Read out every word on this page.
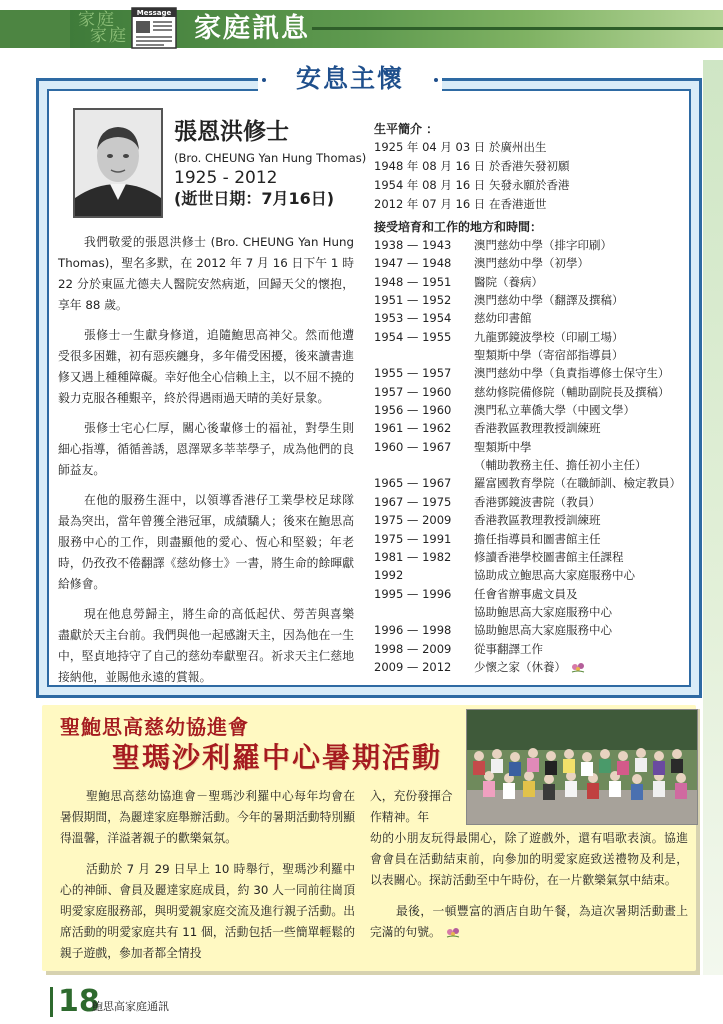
家庭
家庭
Message 家庭訊息
安息主懷
張恩洪修士
(Bro. CHEUNG Yan Hung Thomas)
1925 - 2012
(逝世日期：7月16日)

我們敬愛的張恩洪修士 (Bro. CHEUNG Yan Hung Thomas)，聖名多默，在 2012 年 7 月 16 日下午 1 時 22 分於東區尤德夫人醫院安然病逝，回歸天父的懷抱，享年 88 歲。

張修士一生獻身修道，追隨鮑思高神父。然而他遭受很多困難，初有惡疾纏身，多年備受困擾，後來讀書進修又遇上種種障礙。幸好他全心信賴上主，以不屈不撓的毅力克服各種艱辛，終於得遇雨過天晴的美好景象。

張修士宅心仁厚，關心後輩修士的福祉，對學生則細心指導，循循善誘，恩澤眾多莘莘學子，成為他們的良師益友。

在他的服務生涯中，以領導香港仔工業學校足球隊最為突出，當年曾獲全港冠軍，成績驕人；後來在鮑思高服務中心的工作，則盡顯他的愛心、恆心和堅毅；年老時，仍孜孜不倦翻譯《慈幼修士》一書，將生命的餘暉獻給修會。

現在他息勞歸主，將生命的高低起伏、勞苦與喜樂盡獻於天主台前。我們與他一起感謝天主，因為他在一生中，堅貞地持守了自己的慈幼奉獻聖召。祈求天主仁慈地接納他，並賜他永遠的賞報。

生平簡介 ：
1925 年 04 月 03 日 於廣州出生
1948 年 08 月 16 日 於香港矢發初願
1954 年 08 月 16 日 矢發永願於香港
2012 年 07 月 16 日 在香港逝世
接受培育和工作的地方和時間：
1938 — 1943	澳門慈幼中學（排字印刷）
1947 — 1948	澳門慈幼中學（初學）
1948 — 1951	醫院（養病）
1951 — 1952	澳門慈幼中學（翻譯及撰稿）
1953 — 1954	慈幼印書館
1954 — 1955	九龍鄧鏡波學校（印刷工場）
聖類斯中學（寄宿部指導員）
1955 — 1957	澳門慈幼中學（負責指導修士保守生）
1957 — 1960	慈幼修院備修院（輔助副院長及撰稿）
1956 — 1960	澳門私立華僑大學（中國文學）
1961 — 1962	香港教區教理教授訓練班
1960 — 1967	聖類斯中學
（輔助教務主任、擔任初小主任）
1965 — 1967	羅富國教育學院（在職師訓、檢定教員）
1967 — 1975	香港鄧鏡波書院（教員）
1975 — 2009	香港教區教理教授訓練班
1975 — 1991	擔任指導員和圖書館主任
1981 — 1982	修讀香港學校圖書館主任課程
1992	協助成立鮑思高大家庭服務中心
1995 — 1996	任會省辦事處文員及
協助鮑思高大家庭服務中心
1996 — 1998	協助鮑思高大家庭服務中心
1998 — 2009	從事翻譯工作
2009 — 2012	少懷之家（休養）
聖鮑思高慈幼協進會
聖瑪沙利羅中心暑期活動

聖鮑思高慈幼協進會－聖瑪沙利羅中心每年均會在暑假期間，為麗達家庭舉辦活動。今年的暑期活動特別顯得溫馨，洋溢著親子的歡樂氣氛。

活動於 7 月 29 日早上 10 時舉行，聖瑪沙利羅中心的神師、會員及麗達家庭成員，約 30 人一同前往崗頂明愛家庭服務部，與明愛親家庭交流及進行親子活動。出席活動的明愛家庭共有 11 個，活動包括一些簡單輕鬆的親子遊戲，參加者都全情投

入，充份發揮合作精神。年

幼的小朋友玩得最開心，除了遊戲外，還有唱歌表演。協進會會員在活動結束前，向參加的明愛家庭致送禮物及利是，以表關心。探訪活動至中午時份，在一片歡樂氣氛中結束。

最後，一頓豐富的酒店自助午餐，為這次暑期活動畫上完滿的句號。

18
鮑思高家庭通訊
